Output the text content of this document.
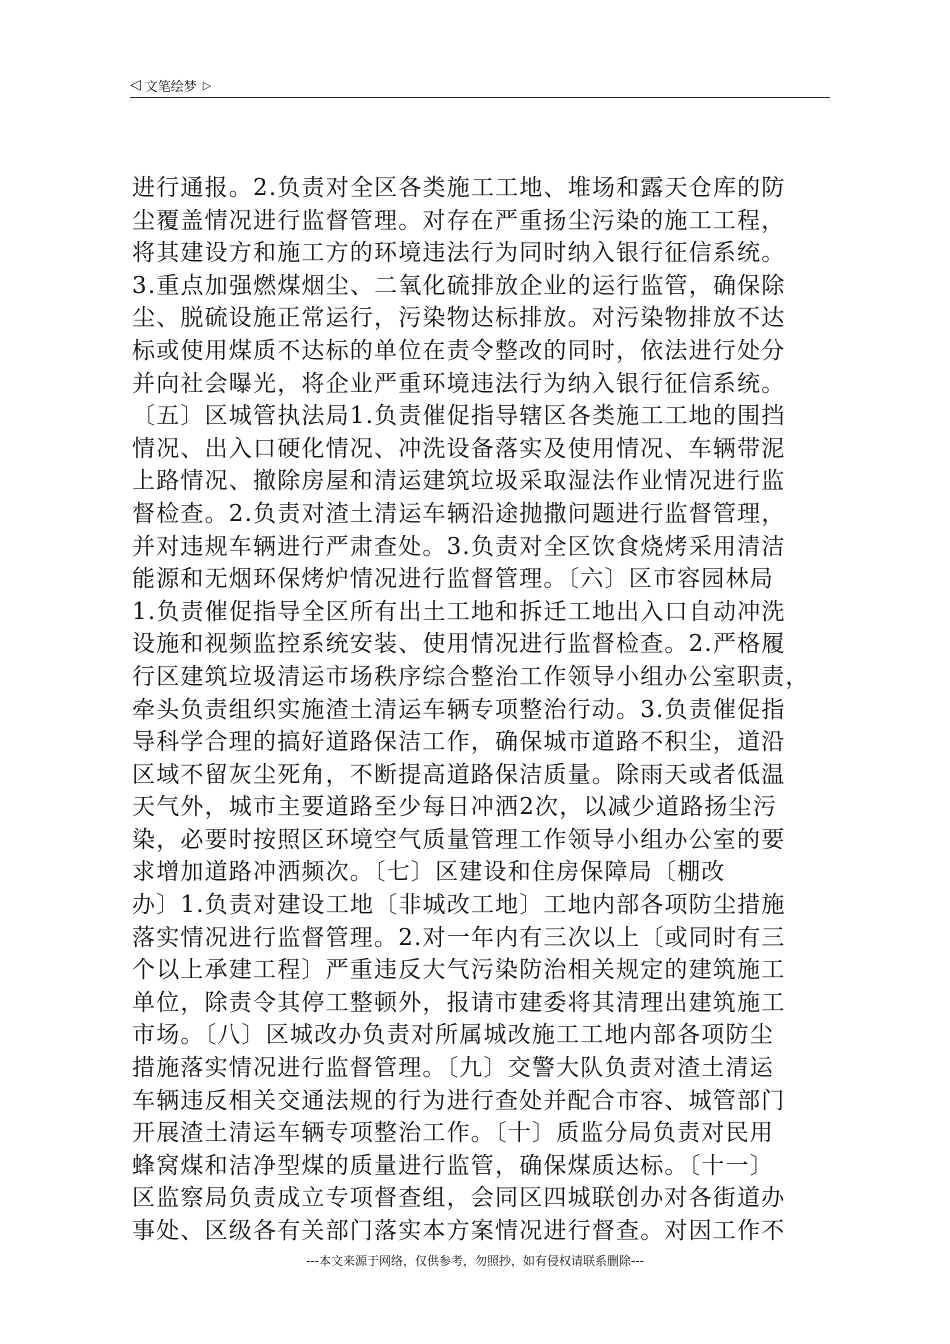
◁ 文笔绘梦 ▷
进行通报。2.负责对全区各类施工工地、堆场和露天仓库的防
尘覆盖情况进行监督管理。对存在严重扬尘污染的施工工程，
将其建设方和施工方的环境违法行为同时纳入银行征信系统。
3.重点加强燃煤烟尘、二氧化硫排放企业的运行监管，确保除
尘、脱硫设施正常运行，污染物达标排放。对污染物排放不达
标或使用煤质不达标的单位在责令整改的同时，依法进行处分
并向社会曝光，将企业严重环境违法行为纳入银行征信系统。
〔五〕区城管执法局1.负责催促指导辖区各类施工工地的围挡
情况、出入口硬化情况、冲洗设备落实及使用情况、车辆带泥
上路情况、撤除房屋和清运建筑垃圾采取湿法作业情况进行监
督检查。2.负责对渣土清运车辆沿途抛撒问题进行监督管理，
并对违规车辆进行严肃查处。3.负责对全区饮食烧烤采用清洁
能源和无烟环保烤炉情况进行监督管理。〔六〕区市容园林局
1.负责催促指导全区所有出土工地和拆迁工地出入口自动冲洗
设施和视频监控系统安装、使用情况进行监督检查。2.严格履
行区建筑垃圾清运市场秩序综合整治工作领导小组办公室职责，
牵头负责组织实施渣土清运车辆专项整治行动。3.负责催促指
导科学合理的搞好道路保洁工作，确保城市道路不积尘，道沿
区域不留灰尘死角，不断提高道路保洁质量。除雨天或者低温
天气外，城市主要道路至少每日冲洒2次，以减少道路扬尘污
染，必要时按照区环境空气质量管理工作领导小组办公室的要
求增加道路冲洒频次。〔七〕区建设和住房保障局〔棚改
办〕1.负责对建设工地〔非城改工地〕工地内部各项防尘措施
落实情况进行监督管理。2.对一年内有三次以上〔或同时有三
个以上承建工程〕严重违反大气污染防治相关规定的建筑施工
单位，除责令其停工整顿外，报请市建委将其清理出建筑施工
市场。〔八〕区城改办负责对所属城改施工工地内部各项防尘
措施落实情况进行监督管理。〔九〕交警大队负责对渣土清运
车辆违反相关交通法规的行为进行查处并配合市容、城管部门
开展渣土清运车辆专项整治工作。〔十〕质监分局负责对民用
蜂窝煤和洁净型煤的质量进行监管，确保煤质达标。〔十一〕
区监察局负责成立专项督查组，会同区四城联创办对各街道办
事处、区级各有关部门落实本方案情况进行督查。对因工作不
---本文来源于网络，仅供参考，勿照抄，如有侵权请联系删除---
